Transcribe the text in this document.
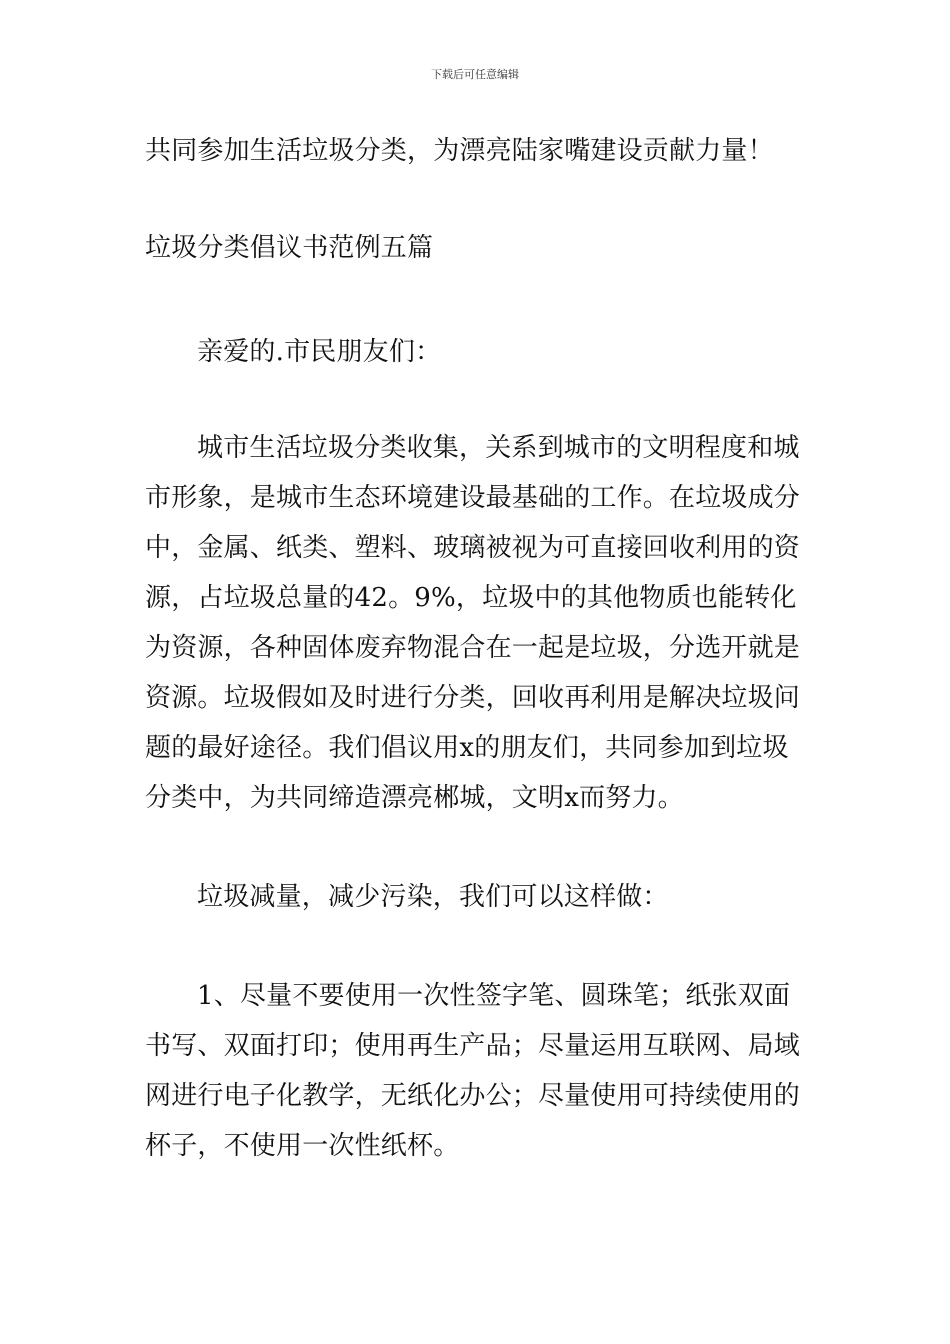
下载后可任意编辑

共同参加生活垃圾分类，为漂亮陆家嘴建设贡献力量！

垃圾分类倡议书范例五篇

亲爱的.市民朋友们：

城市生活垃圾分类收集，关系到城市的文明程度和城市形象，是城市生态环境建设最基础的工作。在垃圾成分中，金属、纸类、塑料、玻璃被视为可直接回收利用的资源，占垃圾总量的42。9%，垃圾中的其他物质也能转化为资源，各种固体废弃物混合在一起是垃圾，分选开就是资源。垃圾假如及时进行分类，回收再利用是解决垃圾问题的最好途径。我们倡议用x的朋友们，共同参加到垃圾分类中，为共同缔造漂亮郴城，文明x而努力。

垃圾减量，减少污染，我们可以这样做：

1、尽量不要使用一次性签字笔、圆珠笔；纸张双面书写、双面打印；使用再生产品；尽量运用互联网、局域网进行电子化教学，无纸化办公；尽量使用可持续使用的杯子，不使用一次性纸杯。
